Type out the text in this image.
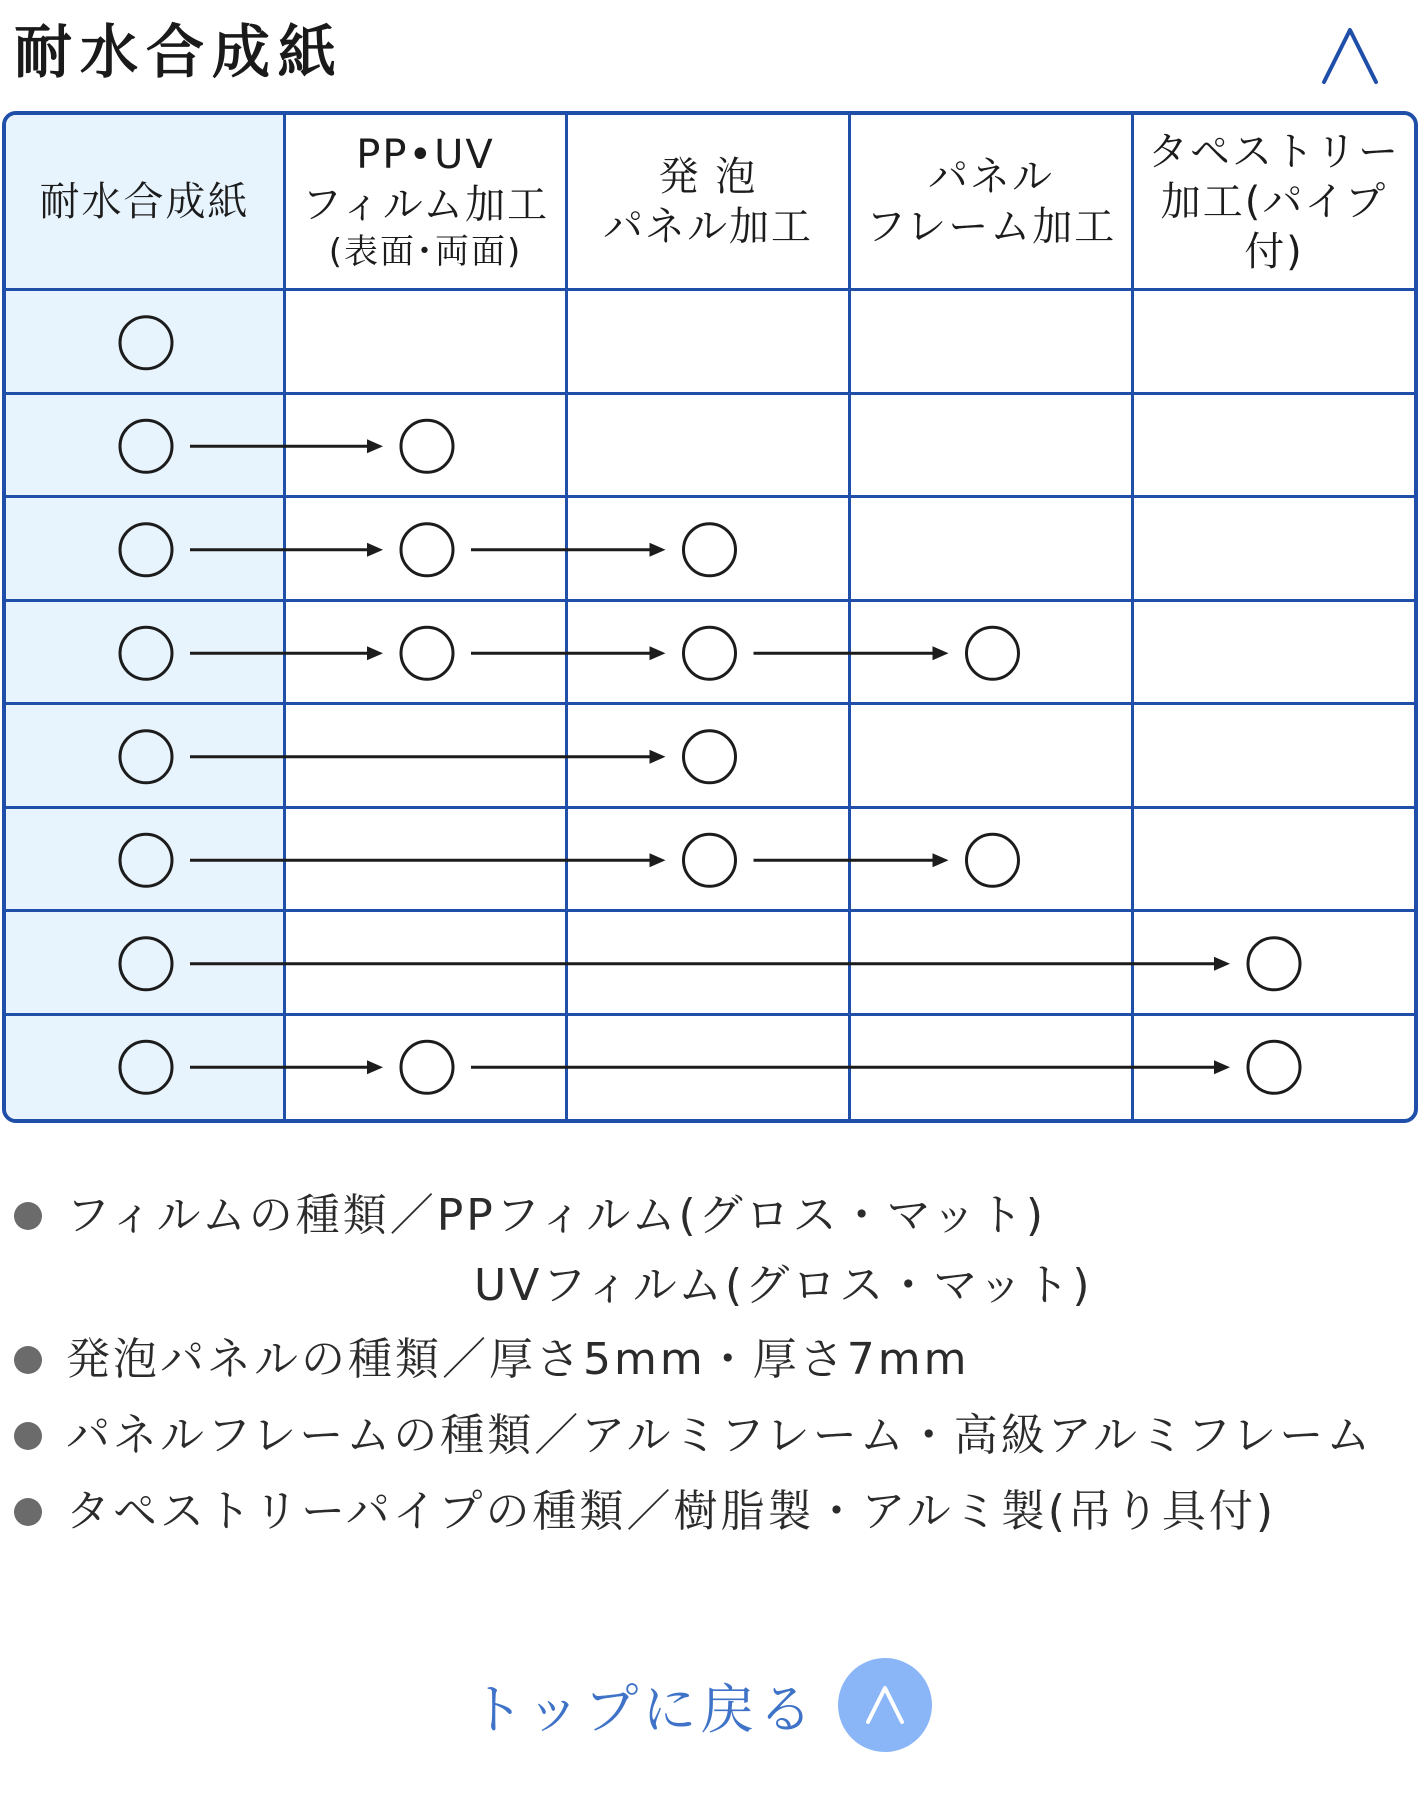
耐水合成紙
耐水合成紙
PP•UV
フィルム加工
(表面･両面)
発 泡
パネル加工
パネル
フレーム加工
タペストリー
加工(パイプ付)
フィルムの種類／PPフィルム(グロス・マット)
UVフィルム(グロス・マット)
発泡パネルの種類／厚さ5mm・厚さ7mm
パネルフレームの種類／アルミフレーム・高級アルミフレーム
タペストリーパイプの種類／樹脂製・アルミ製(吊り具付)
トップに戻る
